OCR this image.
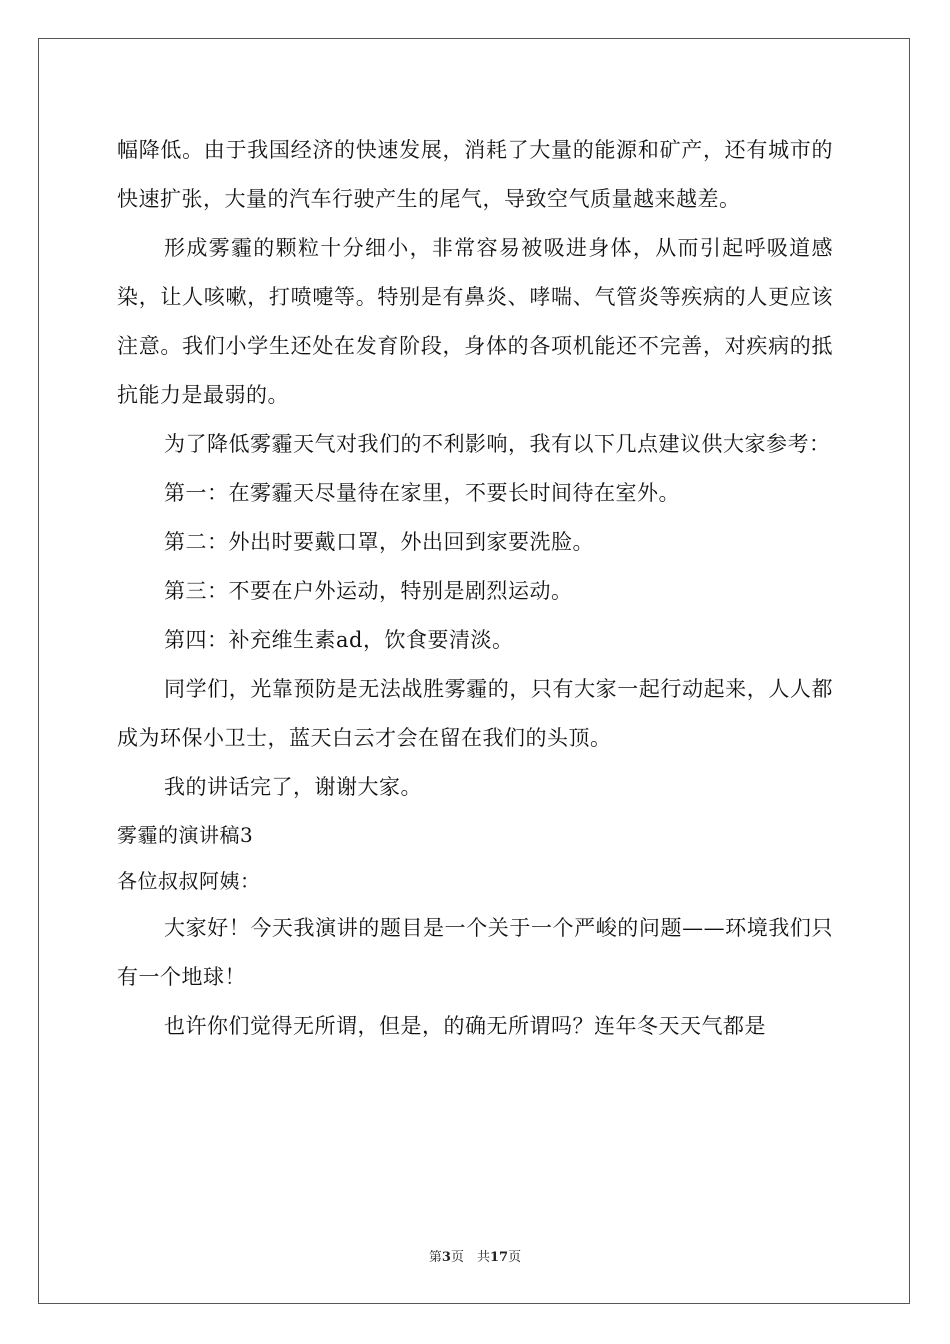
幅降低。由于我国经济的快速发展，消耗了大量的能源和矿产，还有城市的快速扩张，大量的汽车行驶产生的尾气，导致空气质量越来越差。

形成雾霾的颗粒十分细小，非常容易被吸进身体，从而引起呼吸道感染，让人咳嗽，打喷嚏等。特别是有鼻炎、哮喘、气管炎等疾病的人更应该注意。我们小学生还处在发育阶段，身体的各项机能还不完善，对疾病的抵抗能力是最弱的。

为了降低雾霾天气对我们的不利影响，我有以下几点建议供大家参考：

第一：在雾霾天尽量待在家里，不要长时间待在室外。

第二：外出时要戴口罩，外出回到家要洗脸。

第三：不要在户外运动，特别是剧烈运动。

第四：补充维生素ad，饮食要清淡。

同学们，光靠预防是无法战胜雾霾的，只有大家一起行动起来，人人都成为环保小卫士，蓝天白云才会在留在我们的头顶。

我的讲话完了，谢谢大家。

雾霾的演讲稿3

各位叔叔阿姨：

大家好！今天我演讲的题目是一个关于一个严峻的问题——环境我们只有一个地球！

也许你们觉得无所谓，但是，的确无所谓吗？连年冬天天气都是

第3页　共17页
